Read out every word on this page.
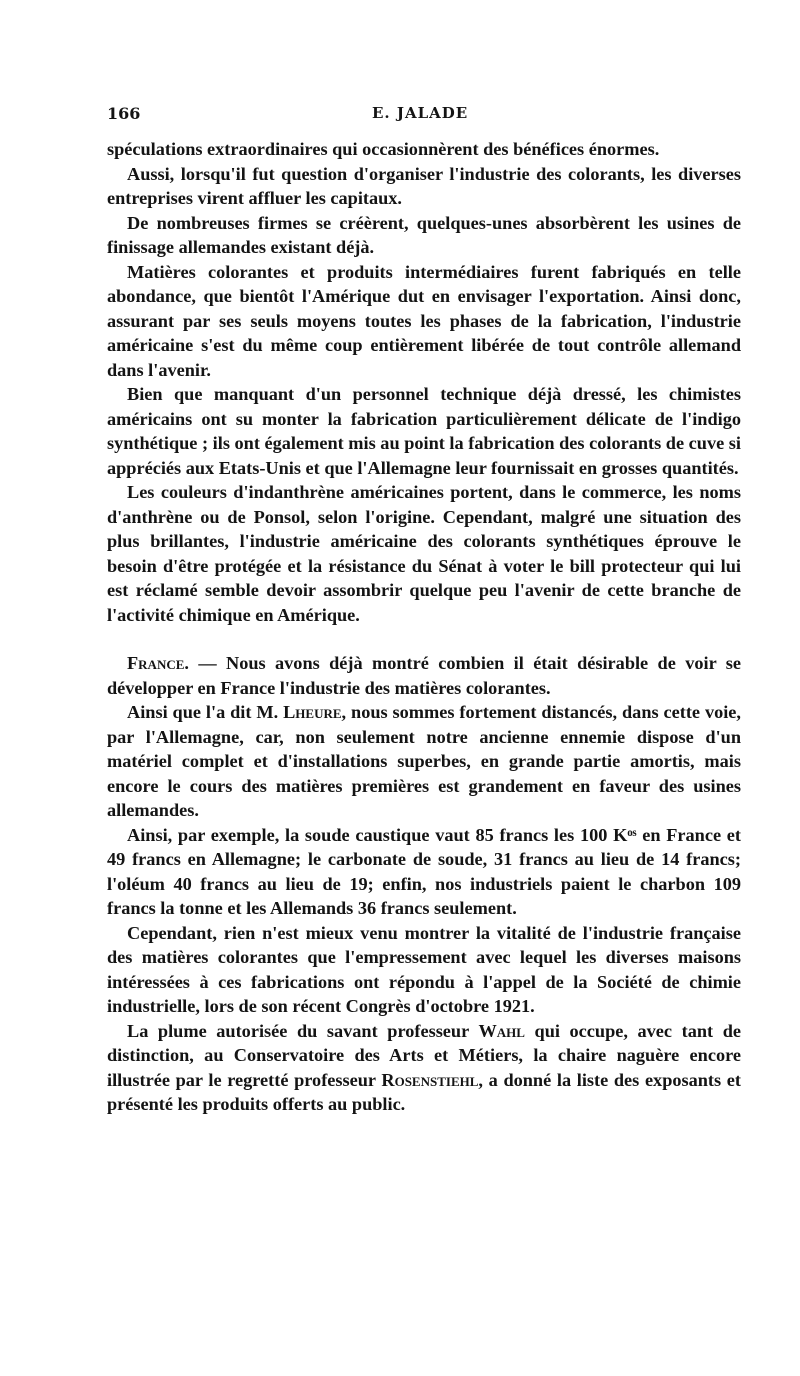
166	E. JALADE

spéculations extraordinaires qui occasionnèrent des bénéfices énormes.

Aussi, lorsqu'il fut question d'organiser l'industrie des colorants, les diverses entreprises virent affluer les capitaux.

De nombreuses firmes se créèrent, quelques-unes absorbèrent les usines de finissage allemandes existant déjà.

Matières colorantes et produits intermédiaires furent fabriqués en telle abondance, que bientôt l'Amérique dut en envisager l'exportation. Ainsi donc, assurant par ses seuls moyens toutes les phases de la fabrication, l'industrie américaine s'est du même coup entièrement libérée de tout contrôle allemand dans l'avenir.

Bien que manquant d'un personnel technique déjà dressé, les chimistes américains ont su monter la fabrication particulièrement délicate de l'indigo synthétique ; ils ont également mis au point la fabrication des colorants de cuve si appréciés aux Etats-Unis et que l'Allemagne leur fournissait en grosses quantités.

Les couleurs d'indanthrène américaines portent, dans le commerce, les noms d'anthrène ou de Ponsol, selon l'origine. Cependant, malgré une situation des plus brillantes, l'industrie américaine des colorants synthétiques éprouve le besoin d'être protégée et la résistance du Sénat à voter le bill protecteur qui lui est réclamé semble devoir assombrir quelque peu l'avenir de cette branche de l'activité chimique en Amérique.

France. — Nous avons déjà montré combien il était désirable de voir se développer en France l'industrie des matières colorantes.

Ainsi que l'a dit M. Lheure, nous sommes fortement distancés, dans cette voie, par l'Allemagne, car, non seulement notre ancienne ennemie dispose d'un matériel complet et d'installations superbes, en grande partie amortis, mais encore le cours des matières premières est grandement en faveur des usines allemandes.

Ainsi, par exemple, la soude caustique vaut 85 francs les 100 Kᵒˢ en France et 49 francs en Allemagne; le carbonate de soude, 31 francs au lieu de 14 francs; l'oléum 40 francs au lieu de 19; enfin, nos industriels paient le charbon 109 francs la tonne et les Allemands 36 francs seulement.

Cependant, rien n'est mieux venu montrer la vitalité de l'industrie française des matières colorantes que l'empressement avec lequel les diverses maisons intéressées à ces fabrications ont répondu à l'appel de la Société de chimie industrielle, lors de son récent Congrès d'octobre 1921.

La plume autorisée du savant professeur Wahl qui occupe, avec tant de distinction, au Conservatoire des Arts et Métiers, la chaire naguère encore illustrée par le regretté professeur Rosenstiehl, a donné la liste des exposants et présenté les produits offerts au public.
